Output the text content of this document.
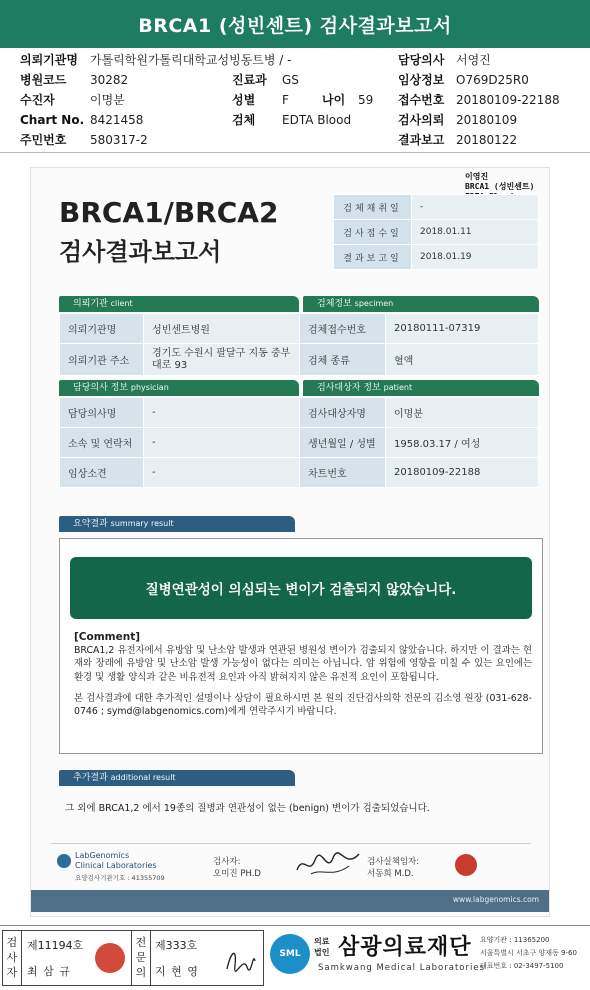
BRCA1 (성빈센트) 검사결과보고서
의뢰기관명 가톨릭학원가톨릭대학교성빙동트병 / -	담당의사 서영진
병원코드 30282	진료과 GS	임상정보 O769D25R0
수진자	이명분	성별 F	나이 59 접수번호 20180109-22188
Chart No. 8421458	검체 EDTA Blood	검사의뢰 20180109
주민번호 580317-2	결과보고 20180122
이영진
BRCA1 (성빈센트)
BRCA1/BRCA2
검사결과보고서
검체채취일	-
검사접수일	2018.01.11
결과보고일	2018.01.19
의뢰기관 client	검체정보 specimen
의뢰기관명	성빈센트병원	검체접수번호	20180111-07319
의뢰기관 주소	경기도 수원시 팔달구 지동 중부대로 93	검체 종류	혈액
담당의사 정보 physician	검사대상자 정보 patient
담당의사명	-	검사대상자명	이명분
소속 및 연락처	-	생년월일 / 성별	1958.03.17 / 여성
임상소견	-	차트번호	20180109-22188
요약결과 summary result
질병연관성이 의심되는 변이가 검출되지 않았습니다.
[Comment]

BRCA1,2 유전자에서 유방암 및 난소암 발생과 연관된 병원성 변이가 검출되지 않았습니다. 하지만 이 결과는 현재와 장래에 유방암 및 난소암 발생 가능성이 없다는 의미는 아닙니다. 암 위험에 영향을 미칠 수 있는 요인에는 환경 및 생활 양식과 같은 비유전적 요인과 아직 밝혀지지 않은 유전적 요인이 포함됩니다.

본 검사결과에 대한 추가적인 설명이나 상담이 필요하시면 본 원의 진단검사의학 전문의 김소영 원장 (031-628-0746 ; symd@labgenomics.com)에게 연락주시기 바랍니다.

추가결과 additional result
그 외에 BRCA1,2 에서 19종의 질병과 연관성이 없는 (benign) 변이가 검출되었습니다.
LabGenomics
Clinical Laboratories
요양검사기관기호 : 41355709
검사자:
오미진 PH.D
검사실책임자:
서동희 M.D.
www.labgenomics.com
검
사
자
제11194호
최 삼 규
전
문
의
제333호
지 현 영
SML
의료
법인 삼광의료재단
Samkwang Medical Laboratories
요양기관 : 11365200
서울특별시 서초구 양재동 9-60
대표번호 : 02-3497-5100
